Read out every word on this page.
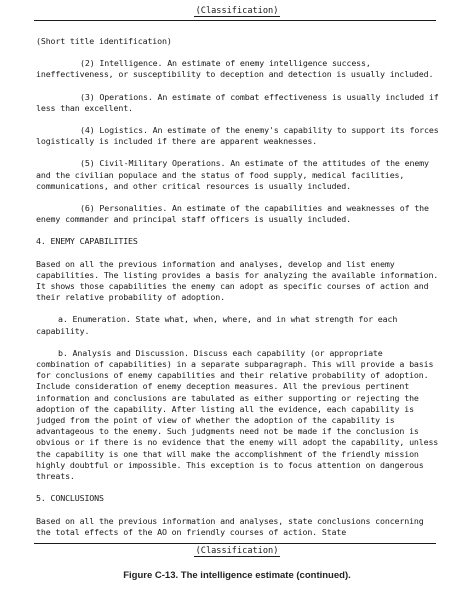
(Classification)

(Short title identification)

(2) Intelligence. An estimate of enemy intelligence success, ineffectiveness, or susceptibility to deception and detection is usually included.

(3) Operations. An estimate of combat effectiveness is usually included if less than excellent.

(4) Logistics. An estimate of the enemy's capability to support its forces logistically is included if there are apparent weaknesses.

(5) Civil-Military Operations. An estimate of the attitudes of the enemy and the civilian populace and the status of food supply, medical facilities, communications, and other critical resources is usually included.

(6) Personalities. An estimate of the capabilities and weaknesses of the enemy commander and principal staff officers is usually included.

4. ENEMY CAPABILITIES

Based on all the previous information and analyses, develop and list enemy capabilities. The listing provides a basis for analyzing the available information. It shows those capabilities the enemy can adopt as specific courses of action and their relative probability of adoption.

a. Enumeration. State what, when, where, and in what strength for each capability.

b. Analysis and Discussion. Discuss each capability (or appropriate combination of capabilities) in a separate subparagraph. This will provide a basis for conclusions of enemy capabilities and their relative probability of adoption. Include consideration of enemy deception measures. All the previous pertinent information and conclusions are tabulated as either supporting or rejecting the adoption of the capability. After listing all the evidence, each capability is judged from the point of view of whether the adoption of the capability is advantageous to the enemy. Such judgments need not be made if the conclusion is obvious or if there is no evidence that the enemy will adopt the capability, unless the capability is one that will make the accomplishment of the friendly mission highly doubtful or impossible. This exception is to focus attention on dangerous threats.

5. CONCLUSIONS

Based on all the previous information and analyses, state conclusions concerning the total effects of the AO on friendly courses of action. State

(Classification)
Figure C-13. The intelligence estimate (continued).
